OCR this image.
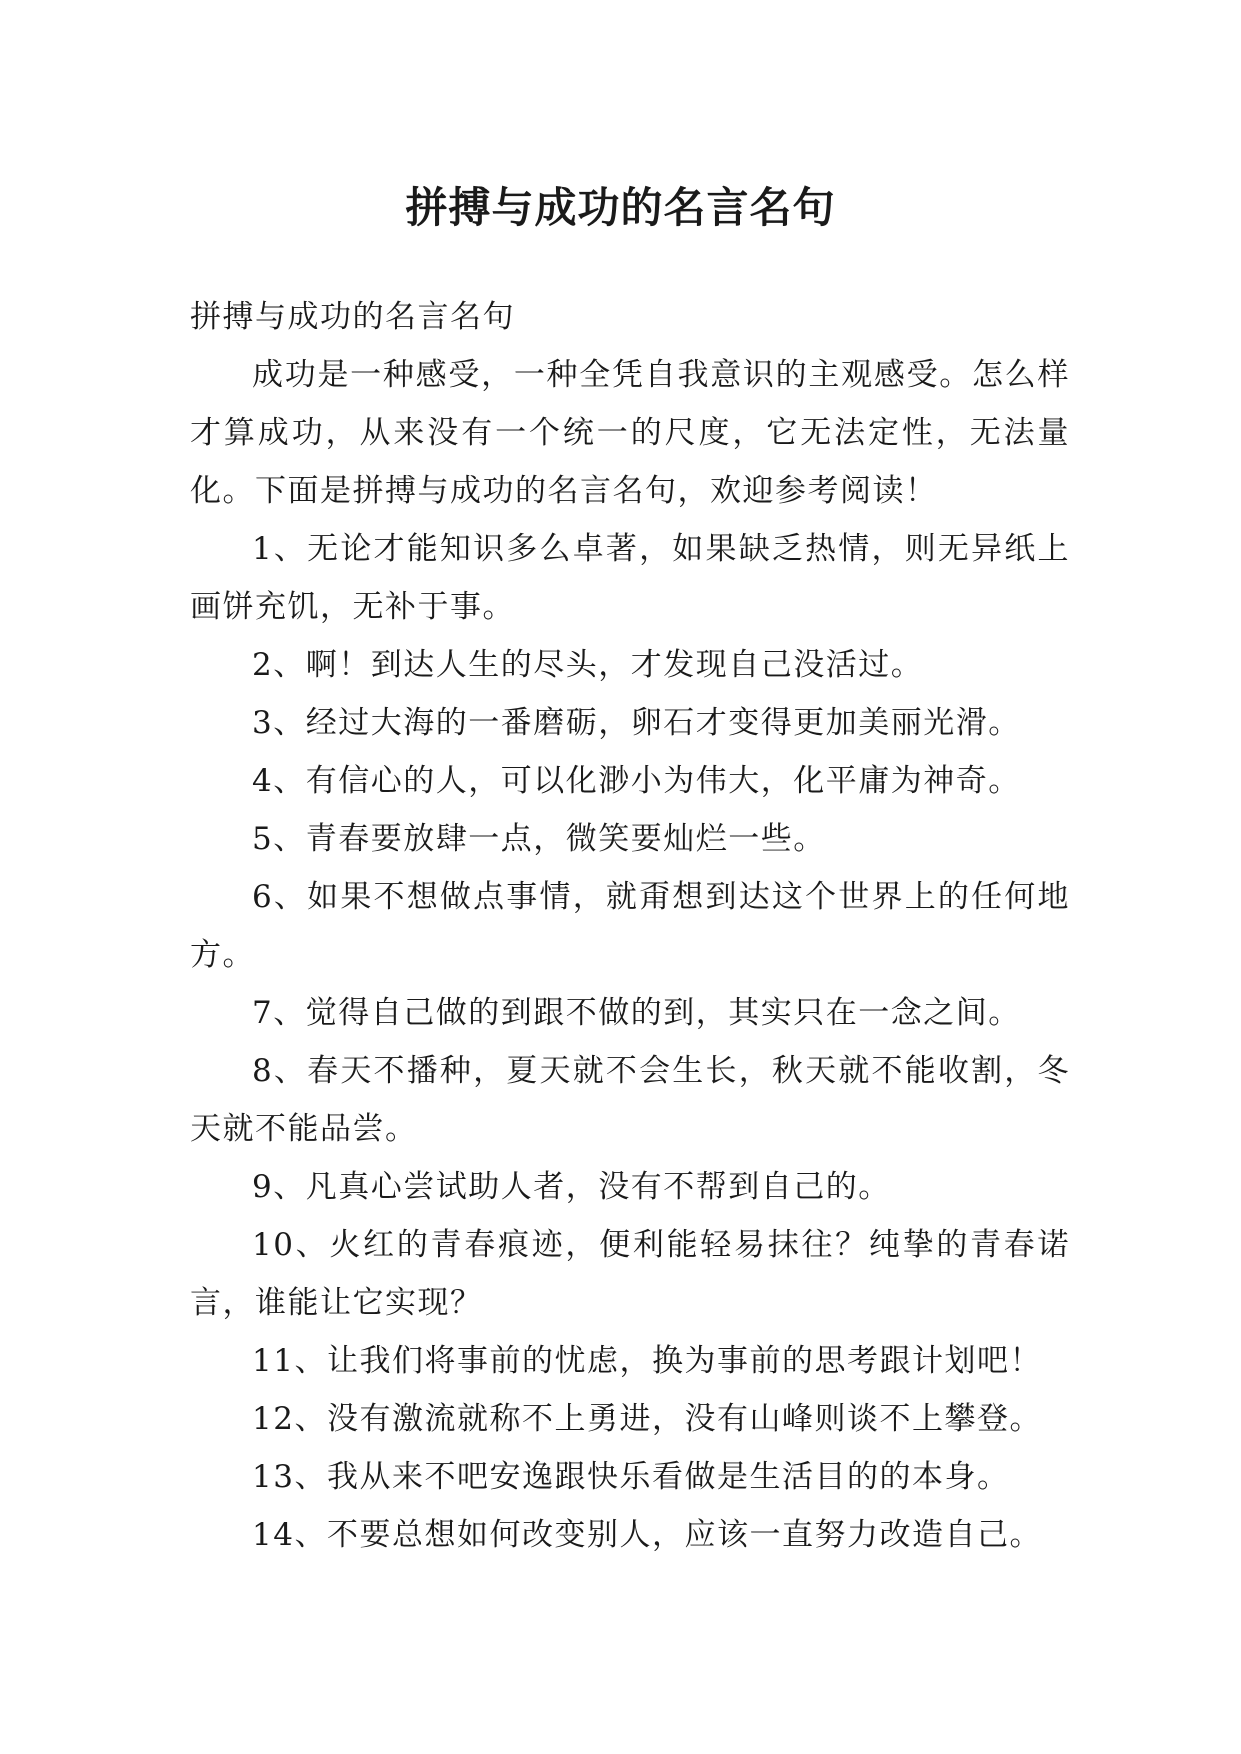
拼搏与成功的名言名句

拼搏与成功的名言名句

成功是一种感受，一种全凭自我意识的主观感受。怎么样才算成功，从来没有一个统一的尺度，它无法定性，无法量化。下面是拼搏与成功的名言名句，欢迎参考阅读！

1、无论才能知识多么卓著，如果缺乏热情，则无异纸上画饼充饥，无补于事。

2、啊！到达人生的尽头，才发现自己没活过。

3、经过大海的一番磨砺，卵石才变得更加美丽光滑。

4、有信心的人，可以化渺小为伟大，化平庸为神奇。

5、青春要放肆一点，微笑要灿烂一些。

6、如果不想做点事情，就甭想到达这个世界上的任何地方。

7、觉得自己做的到跟不做的到，其实只在一念之间。

8、春天不播种，夏天就不会生长，秋天就不能收割，冬天就不能品尝。

9、凡真心尝试助人者，没有不帮到自己的。

10、火红的青春痕迹，便利能轻易抹往？纯挚的青春诺言，谁能让它实现？

11、让我们将事前的忧虑，换为事前的思考跟计划吧！

12、没有激流就称不上勇进，没有山峰则谈不上攀登。

13、我从来不吧安逸跟快乐看做是生活目的的本身。

14、不要总想如何改变别人，应该一直努力改造自己。
